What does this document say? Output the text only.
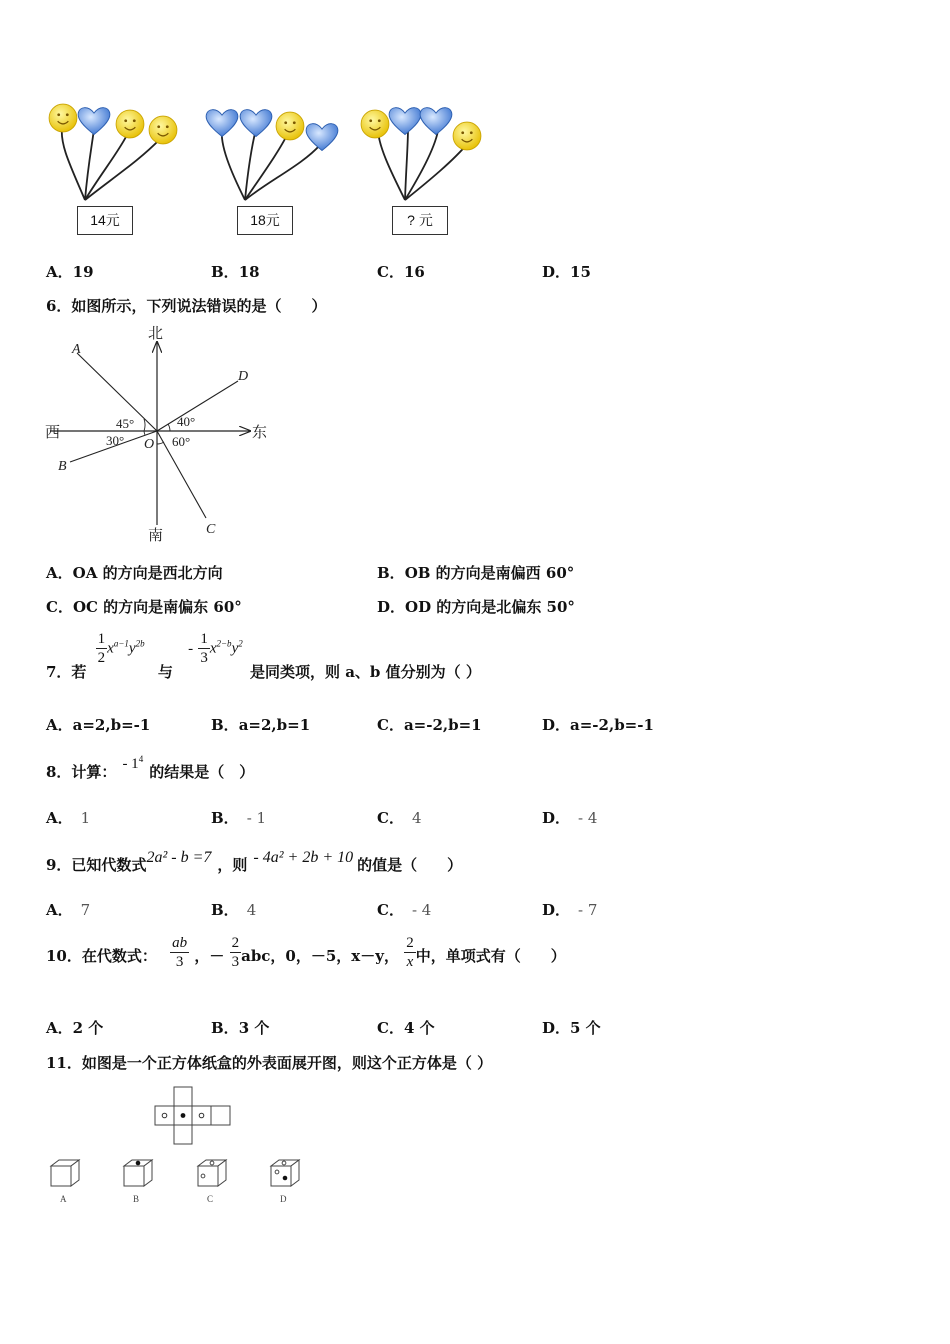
14元	18元	? 元
A．19	B．18	C．16	D．15
6．如图所示，下列说法错误的是（　　）
北
南
西	东
A
B
C
D
O
45°
30°
40°
60°
A．OA 的方向是西北方向	B．OB 的方向是南偏西 60°
C．OC 的方向是南偏东 60°	D．OD 的方向是北偏东 50°
7．若
$\frac{1}{2} x^{a-1}y^{2b}$ 与 - $\frac{1}{3} x^{2-b}y^2$ 是同类项，则 a、b 值分别为（ ）
A．a=2,b=-1	B．a=2,b=1	C．a=-2,b=1	D．a=-2,b=-1
8．计算： - $1^4$的结果是（　）
A． 1	B． - 1	C． 4	D． - 4
9．已知代数式2a² - b =7 ，则 - 4a² + 2b + 10 的值是（　　）
A． 7	B． 4	C． - 4	D． - 7
10．在代数式： $\frac{ab}{3}$ ，－ $\frac{2}{3}$ abc，0，－5，x－y， $\frac{2}{x}$ 中，单项式有（　　）
A．2 个	B．3 个	C．4 个	D．5 个
11．如图是一个正方体纸盒的外表面展开图，则这个正方体是（ ）
A	B	C	D
